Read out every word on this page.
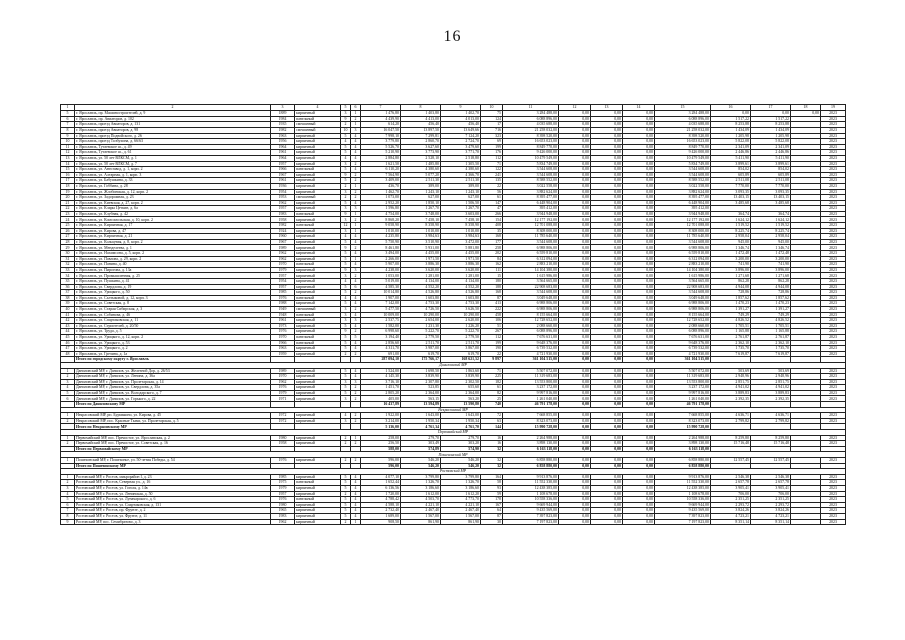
16
1	2	3	4	5	6	7	8	9	10	11	12	13	14	15	16	17	18	19
5	г. Ярославль, пр. Машиностроителей, д. 9	1889	кирпичный	3	1	1 476,80	1 403,80	1 402,70	75	3 284 488,00	0,00	0,00	0,00	3 284 488,00	0,00	0,00	0,00	2023
6	г. Ярославль, пр. Авиаторов, д. 102	1984	панельный	9	2	4 439,90	4 413,00	4 013,00	124	6 088 896,00	0,00	0,00	0,00	6 088 896,00	1 517,22	1 517,22		2023
7	г. Ярославль, проезд Авиаторов, д. 131	1935	смешанный	2	1	614,20	456,40	456,40	17	4 035 688,00	0,00	0,00	0,00	4 035 688,00	8 253,88	8 253,88		2023
8	г. Ярославль, проезд Авиаторов, д. 98	1982	смешанный	10	3	16 047,50	13 897,50	13 649,66	716	21 258 032,00	0,00	0,00	0,00	21 258 032,00	1 434,09	1 434,09		2023
9	г. Ярославль, проезд Подвойского, д. 26	1963	кирпичный	5	4	7 998,10	7 299,81	7 124,20	323	8 398 520,00	0,00	0,00	0,00	8 398 520,00	1 205,98	1 205,98		2023
10	г. Ярославль, проезд Толбухина, д. 66/63	1956	кирпичный	4	4	3 779,80	2 860,70	2 724,70	69	16 653 023,00	0,00	0,00	0,00	16 653 023,00	5 822,08	5 822,08		2023
11	г. Ярославль, Тутаевское ш., д. 49	1964	кирпичный	5	4	5 526,70	3 627,60	3 479,60	199	8 849 770,00	0,00	0,00	0,00	8 849 770,00	2 341,09	2 341,09		2023
12	г. Ярославль, Тутаевское ш., д. 61	1961	кирпичный	5	4	5 210,90	3 773,90	3 771,70	176	9 426 000,00	0,00	0,00	0,00	9 426 000,00	2 446,86	2 446,86		2023
13	г. Ярославль, ул. 50 лет ВЛКСМ, д. 1	1964	кирпичный	4	4	2 884,80	2 528,10	2 518,80	112	10 479 549,00	0,00	0,00	0,00	10 479 549,00	5 411,90	5 411,90		2023
14	г. Ярославль, ул. 50 лет ВЛКСМ, д. 7	1957	кирпичный	3	2	1 621,50	1 485,80	1 305,50	71	5 834 749,00	0,00	0,00	0,00	5 834 749,00	3 899,61	3 899,61		2023
15	г. Ярославль, ул. Автозавод, д. 1, корп. 2	1966	панельный	5	4	6 110,20	4 380,60	4 380,60	122	3 544 608,00	0,00	0,00	0,00	3 544 608,00	854,02	854,02		2023
16	г. Ярославль, ул. Алтарная, д. 1, корп. 3	1967	кирпичный	9	2	7 564,90	5 077,20	4 366,70	241	3 544 608,00	0,00	0,00	0,00	3 544 608,00	605,89	605,89		2023
17	г. Ярославль, ул. Бабушкина, д. 33	1961	кирпичный	5	2	3 409,00	2 511,30	2 511,30	135	8 588 552,00	0,00	0,00	0,00	8 588 552,00	2 511,08	2 511,08		2023
18	г. Ярославль, ул. Гоббина, д. 28	1936	кирпичный	2	1	436,70	389,00	389,00	22	3 022 558,00	0,00	0,00	0,00	3 022 558,00	7 770,00	7 770,00		2023
19	г. Ярославль, ул. Жлобинская, д. 12, корп. 2	1954	кирпичный	3	2	1 462,70	1 243,10	1 243,10	56	3 882 624,00	0,00	0,00	0,00	3 882 624,00	3 093,35	3 093,35		2023
20	г. Ярославль, ул. Задорожная, д. 23	1953	смешанный	2	2	1 073,00	627,00	627,00	61	8 395 477,00	0,00	0,00	0,00	8 395 477,00	13 403,15	13 403,15		2023
21	г. Ярославль, ул. Киевская, д. 27, корп. 2	1962	кирпичный	5	4	2 952,20	1 850,10	1 506,50	147	6 448 904,00	0,00	0,00	0,00	6 448 904,00	3 485,68	3 485,68		2023
22	г. Ярославль, ул. Клары Цеткин, д. 6а	1957	кирпичный	3	3	1 596,80	1 267,70	1 267,70	47	395 412,00	0,00	0,00	0,00	395 412,00				2023
23	г. Ярославль, ул. Клубная, д. 42	1983	панельный	9	1	4 754,00	3 748,00	3 603,00	266	3 944 948,00	0,00	0,00	0,00	3 944 948,00	364,74	364,74		2023
24	г. Ярославль, ул. Комсомольская, д. 10, корп. 2	1958	кирпичный	3	2	8 868,20	7 458,10	7 458,10	154	12 177 192,00	0,00	0,00	0,00	12 177 192,00	1 624,12	1 624,12		2023
25	г. Ярославль, ул. Кирпичная, д. 17	1982	панельный	12	1	9 058,90	8 358,90	8 358,90	408	12 701 088,00	0,00	0,00	0,00	12 701 088,00	1 519,52	1 519,52		2023
26	г. Ярославль, ул. Кирова, д. 47	1924	кирпичный	3	1	1 010,00	1 010,00	1 010,00	35	8 308 000,00	0,00	0,00	0,00	8 308 000,00	8 225,74	8 225,74		2023
27	г. Ярославль, ул. Кирпичная, д. 21	1960	кирпичный	4	4	4 235,80	3 984,63	3 984,63	168	11 785 640,00	0,00	0,00	0,00	11 785 640,00	2 958,04	2 958,04		2023
28	г. Ярославль, ул. Кольцевая, д. 8, корп. 2	1967	кирпичный	5	4	5 750,90	3 510,90	3 472,00	177	3 544 608,00	0,00	0,00	0,00	3 544 608,00	945,00	945,00		2023
29	г. Ярославль, ул. Менделеева, д. 1	1989	кирпичный	9	2	8 461,80	5 931,00	5 881,80	258	6 988 806,00	0,00	0,00	0,00	6 988 806,00	1 346,74	1 346,74		2023
30	г. Ярославль, ул. Нахимсона, д. 5, корп. 2	1962	кирпичный	5	4	3 494,00	4 455,00	4 455,00	202	6 559 810,00	0,00	0,00	0,00	6 559 810,00	1 472,48	1 472,48		2023
31	г. Ярославль, ул. Павлова, д. 29, корп. 2	1962	кирпичный	5	1	2 266,00	1 971,50	1 971,50	84	6 312 094,00	0,00	0,00	0,00	6 312 094,00	3 200,00	3 200,00		2023
32	г. Ярославль, ул. Панина, д. 40	1970	панельный	5	4	5 907,00	3 886,30	3 886,30	162	2 883 210,00	0,00	0,00	0,00	2 883 210,00	741,90	741,90		2023
33	г. Ярославль, ул. Пирогова, д. 13а	1979	кирпичный	9	3	4 238,00	3 620,00	3 620,00	111	14 104 380,00	0,00	0,00	0,00	14 104 380,00	3 896,00	3 896,00		2023
34	г. Ярославль, ул. Промышленная, д. 25	1957	кирпичный	3	2	1 053,00	1 281,00	1 281,00	15	1 615 986,00	0,00	0,00	0,00	1 615 986,00	1 271,68	1 271,68		2023
35	г. Ярославль, ул. Пушкина, д. 41	1954	кирпичный	4	4	5 019,00	4 134,00	4 134,00	180	3 564 665,00	0,00	0,00	0,00	3 564 665,00	862,28	862,28		2023
36	г. Ярославль, ул. Свердлова, д. 19	1957	кирпичный	5	6	4 585,30	4 552,20	4 552,20	188	22 908 683,00	0,00	0,00	0,00	22 908 683,00	4 944,08	4 944,08		2023
37	г. Ярославль, ул. Урицкого, д. 50	1985	кирпичный	5	2	10 014,80	4 526,80	4 526,80	168	3 544 608,00	0,00	0,00	0,00	3 544 608,00	728,86	728,86		2023
38	г. Ярославль, ул. Салтыковой, д. 12, корп. 3	1976	панельный	4	4	1 907,00	1 603,80	1 603,80	87	3 049 648,00	0,00	0,00	0,00	3 049 648,00	1 857,62	1 857,62		2023
39	г. Ярославль, ул. Советская, д. 8	1988	кирпичный	5	4	7 142,00	4 753,30	4 753,30	413	6 988 806,00	0,00	0,00	0,00	6 988 806,00	1 470,23	1 470,23		2023
40	г. Ярославль, ул. Старая Сибирская, д. 3	1949	смешанный	3	2	5 477,50	4 726,50	3 626,50	222	6 988 806,00	0,00	0,00	0,00	6 988 806,00	1 391,27	1 391,27		2023
41	г. Ярославль, ул. Собинова, д. 46	1948	панельный	3	4	10 009,00	10 290,00	10 290,00	458	8 155 664,00	0,00	0,00	0,00	8 155 664,00	749,29	749,29		2023
42	г. Ярославль, ул. Спартаковская, д. 11	1961	кирпичный	3	3	2 537,75	2 654,00	2 620,00	106	12 728 652,00	0,00	0,00	0,00	12 728 652,00	4 826,52	4 826,52		2023
43	г. Ярославль, ул. Строителей, д. 20/50	1973	кирпичный	5	4	1 582,00	1 231,30	1 226,20	51	2 088 660,00	0,00	0,00	0,00	2 088 660,00	1 705,51	1 705,51		2023
44	г. Ярославль, ул. Труда, д. 5	1976	кирпичный	9	2	6 998,60	5 222,70	5 222,70	267	6 088 896,00	0,00	0,00	0,00	6 088 896,00	1 165,88	1 165,88		2023
45	г. Ярославль, ул. Урицкого, д. 12, корп. 2	1970	панельный	5	5	3 194,40	2 779,50	2 779,50	112	7 676 631,00	0,00	0,00	0,00	7 676 631,00	2 761,87	2 761,87		2023
46	г. Ярославль, ул. Урицкого, д. 53	1966	панельный	5	4	2 856,60	2 511,70	2 511,70	199	9 648 376,00	0,00	0,00	0,00	9 648 376,00	2 362,10	2 362,10		2023
47	г. Ярославль, ул. Урицкого, д. 2	1963	кирпичный	5	4	4 311,70	3 987,00	3 867,00	190	6 739 532,00	0,00	0,00	0,00	6 739 532,00	1 735,70	1 735,70		2023
48	г. Ярославль, ул. Гречина, д. 1а	1959	кирпичный	2	2	691,00	619,70	619,70	22	4 721 930,00	0,00	0,00	0,00	4 721 930,00	7 619,87	7 619,87		2023
	Итого по городскому округу г. Ярославль					287 094,10	175 766,17	168 621,52	9 897	361 104 515,00	0,00	0,00	0,00	361 104 515,00				
Даниловский МР																		
1	Даниловский МР, г. Данилов, ул. Железной Дор, д. 26/53	1989	кирпичный	5	4	1 524,00	1 698,50	1 863,60	71	5 507 072,00	0,00	0,00	0,00	5 507 072,00	503,69	503,69		2023
2	Даниловский МР, г. Данилов, ул. Ленина, д. 36а	1970	кирпичный	5	4	4 145,30	3 839,90	3 839,90	225	11 319 683,00	0,00	0,00	0,00	11 319 683,00	2 948,96	2 948,96		2023
3	Даниловский МР, г. Данилов, ул. Пролетарская, д. 14	1962	кирпичный	3	3	3 716,10	2 307,80	2 302,50	182	13 553 800,00	0,00	0,00	0,00	13 553 800,00	2 851,75	2 851,75		2023
4	Даниловский МР, г. Данилов, ул. Свердлова, д. 35а	1976	кирпичный	5	2	1 451,70	523,85	655,60	61	3 237 172,00	0,00	0,00	0,00	3 237 172,00	4 941,02	4 941,02		2023
5	Даниловский МР, г. Данилов, ул. Володарского, д. 7	1979	кирпичный	5	2	2 805,20	2 364,00	2 364,00	82	9 997 816,00	0,00	0,00	0,00	9 997 816,00	3 889,83	3 889,83		2023
6	Даниловский МР, г. Данилов, ул. Горького, д. 22	1971	кирпичный	3	2	405,00	563,15	563,20	25	1 261 040,00	0,00	0,00	0,00	1 261 040,00	2 392,35	2 392,35		2023
	Итого по Даниловскому МР					16 437,89	13 594,89	13 590,80	740	46 791 178,00	0,00	0,00	0,00	46 791 178,00				
Некрасовский МР																		
1	Некрасовский МР, рп. Бурмакино, ул. Кирова, д. 45	1972	кирпичный	4	2	1 922,00	1 643,00	1 643,00	72	7 668 855,00	0,00	0,00	0,00	7 668 855,00	4 636,71	4 636,71		2023
2	Некрасовский МР, пос. Красные Ткачи, ул. Пролетарская, д. 5	1972	кирпичный	3	2	3 214,00	1 950,34	1 950,34	63	8 323 073,00	0,00	0,00	0,00	8 323 073,00	2 799,82	2 799,82		2023
	Итого по Некрасовскому МР					5 136,00	4 761,34	4 761,70	144	15 990 728,00	0,00	0,00	0,00	15 990 728,00				
Первомайский МР																		
1	Первомайский МР, пос. Пречистое, ул. Ярославская, д. 2	1980	кирпичный	2	1	258,00	279,70	279,70	16	2 264 988,00	0,00	0,00	0,00	2 264 988,00	8 259,80	8 259,80		2023
2	Первомайский МР, пос. Пречистое, ул. Советская, д. 16	1958	кирпичный	2	2	256,50	303,49	303,20	16	3 898 130,00	0,00	0,00	0,00	3 898 130,00	15 716,48	15 716,48		2023
	Итого по Первомайскому МР					588,00	574,89	574,90	32	6 163 118,00	0,00	0,00	0,00	6 163 118,00				
Пошехонский МР																		
1	Пошехонский МР, г. Пошехонье, ул. 50-летия Победы, д. 54	1976	кирпичный	2	2	596,00	546,20	546,20	32	6 858 880,00	0,00	0,00	0,00	6 858 880,00	12 557,45	12 557,45		2023
	Итого по Пошехонскому МР					596,00	546,20	546,20	32	6 858 880,00	0,00	0,00	0,00	6 858 880,00				
Ростовский МР																		
1	Ростовский МР, г. Ростов, микрорайон I, д. 23	1985	кирпичный	5	4	4 077,10	3 799,80	3 799,80	164	9 913 876,00	0,00	0,00	0,00	9 913 876,00	2 546,38	2 546,38		2023
2	Ростовский МР, г. Ростов, Северная ул., д. 16	1975	панельный	5	4	1 652,44	1 326,70	1 326,70	58	11 552 330,00	0,00	0,00	0,00	11 552 330,00	2 657,78	2 657,78		2023
3	Ростовский МР, г. Ростов, ул. Гоголя, д. 14в	1979	кирпичный	5	4	6 136,56	3 186,60	3 186,60	93	12 438 385,00	0,00	0,00	0,00	12 438 385,00	3 905,41	3 905,41		2023
4	Ростовский МР, г. Ростов, ул. Ленинская, д. 50	1957	кирпичный	2	4	1 720,00	1 612,00	1 612,20	59	1 108 678,00	0,00	0,00	0,00	1 108 678,00	706,00	706,00		2023
5	Ростовский МР, г. Ростов, ул. Луначарского, д. 6	1976	панельный	5	4	4 788,42	4 503,70	4 773,70	178	10 558 336,00	0,00	0,00	0,00	10 558 336,00	2 351,25	2 351,25		2023
6	Ростовский МР, г. Ростов, ул. Спартаковская, д. 131	1980	кирпичный	5	4	4 588,10	4 221,10	4 221,10	167	9 669 944,00	0,00	0,00	0,00	9 669 944,00	2 293,72	2 293,72		2023
7	Ростовский МР, г. Ростов, пр. Фрунзе, д. 2	1965	кирпичный	5	4	2 732,40	2 467,40	2 467,40	64	9 435 569,00	0,00	0,00	0,00	9 435 569,00	3 824,26	3 824,26		2023
8	Ростовский МР, г. Ростов, ул. Фрунзе, д. 11	1983	кирпичный	5	4	1 689,00	1 567,00	1 567,00	87	7 397 823,00	0,00	0,00	0,00	7 397 823,00	4 723,21	4 723,21		2023
9	Ростовский МР, пос. Семибратово, д. 3	1962	кирпичный	2	1	908,50	861,90	861,90	30	7 197 823,00	0,00	0,00	0,00	7 197 823,00	8 351,14	8 351,14		2023
